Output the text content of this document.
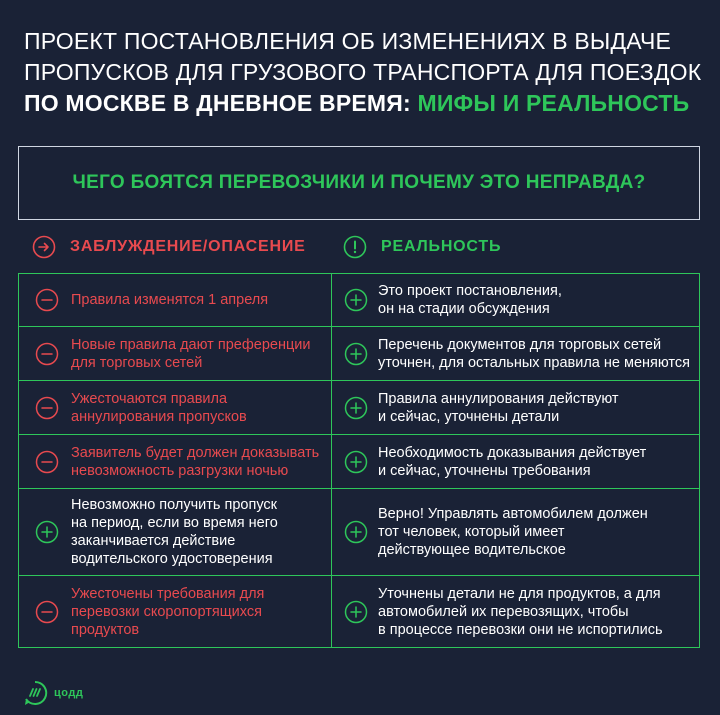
ПРОЕКТ ПОСТАНОВЛЕНИЯ ОБ ИЗМЕНЕНИЯХ В ВЫДАЧЕ
ПРОПУСКОВ ДЛЯ ГРУЗОВОГО ТРАНСПОРТА ДЛЯ ПОЕЗДОК
ПО МОСКВЕ В ДНЕВНОЕ ВРЕМЯ: МИФЫ И РЕАЛЬНОСТЬ
ЧЕГО БОЯТСЯ ПЕРЕВОЗЧИКИ И ПОЧЕМУ ЭТО НЕПРАВДА?
ЗАБЛУЖДЕНИЕ/ОПАСЕНИЕ	РЕАЛЬНОСТЬ
Правила изменятся 1 апреля
Это проект постановления,
он на стадии обсуждения
Новые правила дают преференции
для торговых сетей
Перечень документов для торговых сетей
уточнен, для остальных правила не меняются
Ужесточаются правила
аннулирования пропусков
Правила аннулирования действуют
и сейчас, уточнены детали
Заявитель будет должен доказывать
невозможность разгрузки ночью
Необходимость доказывания действует
и сейчас, уточнены требования
Невозможно получить пропуск
на период, если во время него
заканчивается действие
водительского удостоверения
Верно! Управлять автомобилем должен
тот человек, который имеет
действующее водительское
Ужесточены требования для
перевозки скоропортящихся
продуктов
Уточнены детали не для продуктов, а для
автомобилей их перевозящих, чтобы
в процессе перевозки они не испортились
цодд
